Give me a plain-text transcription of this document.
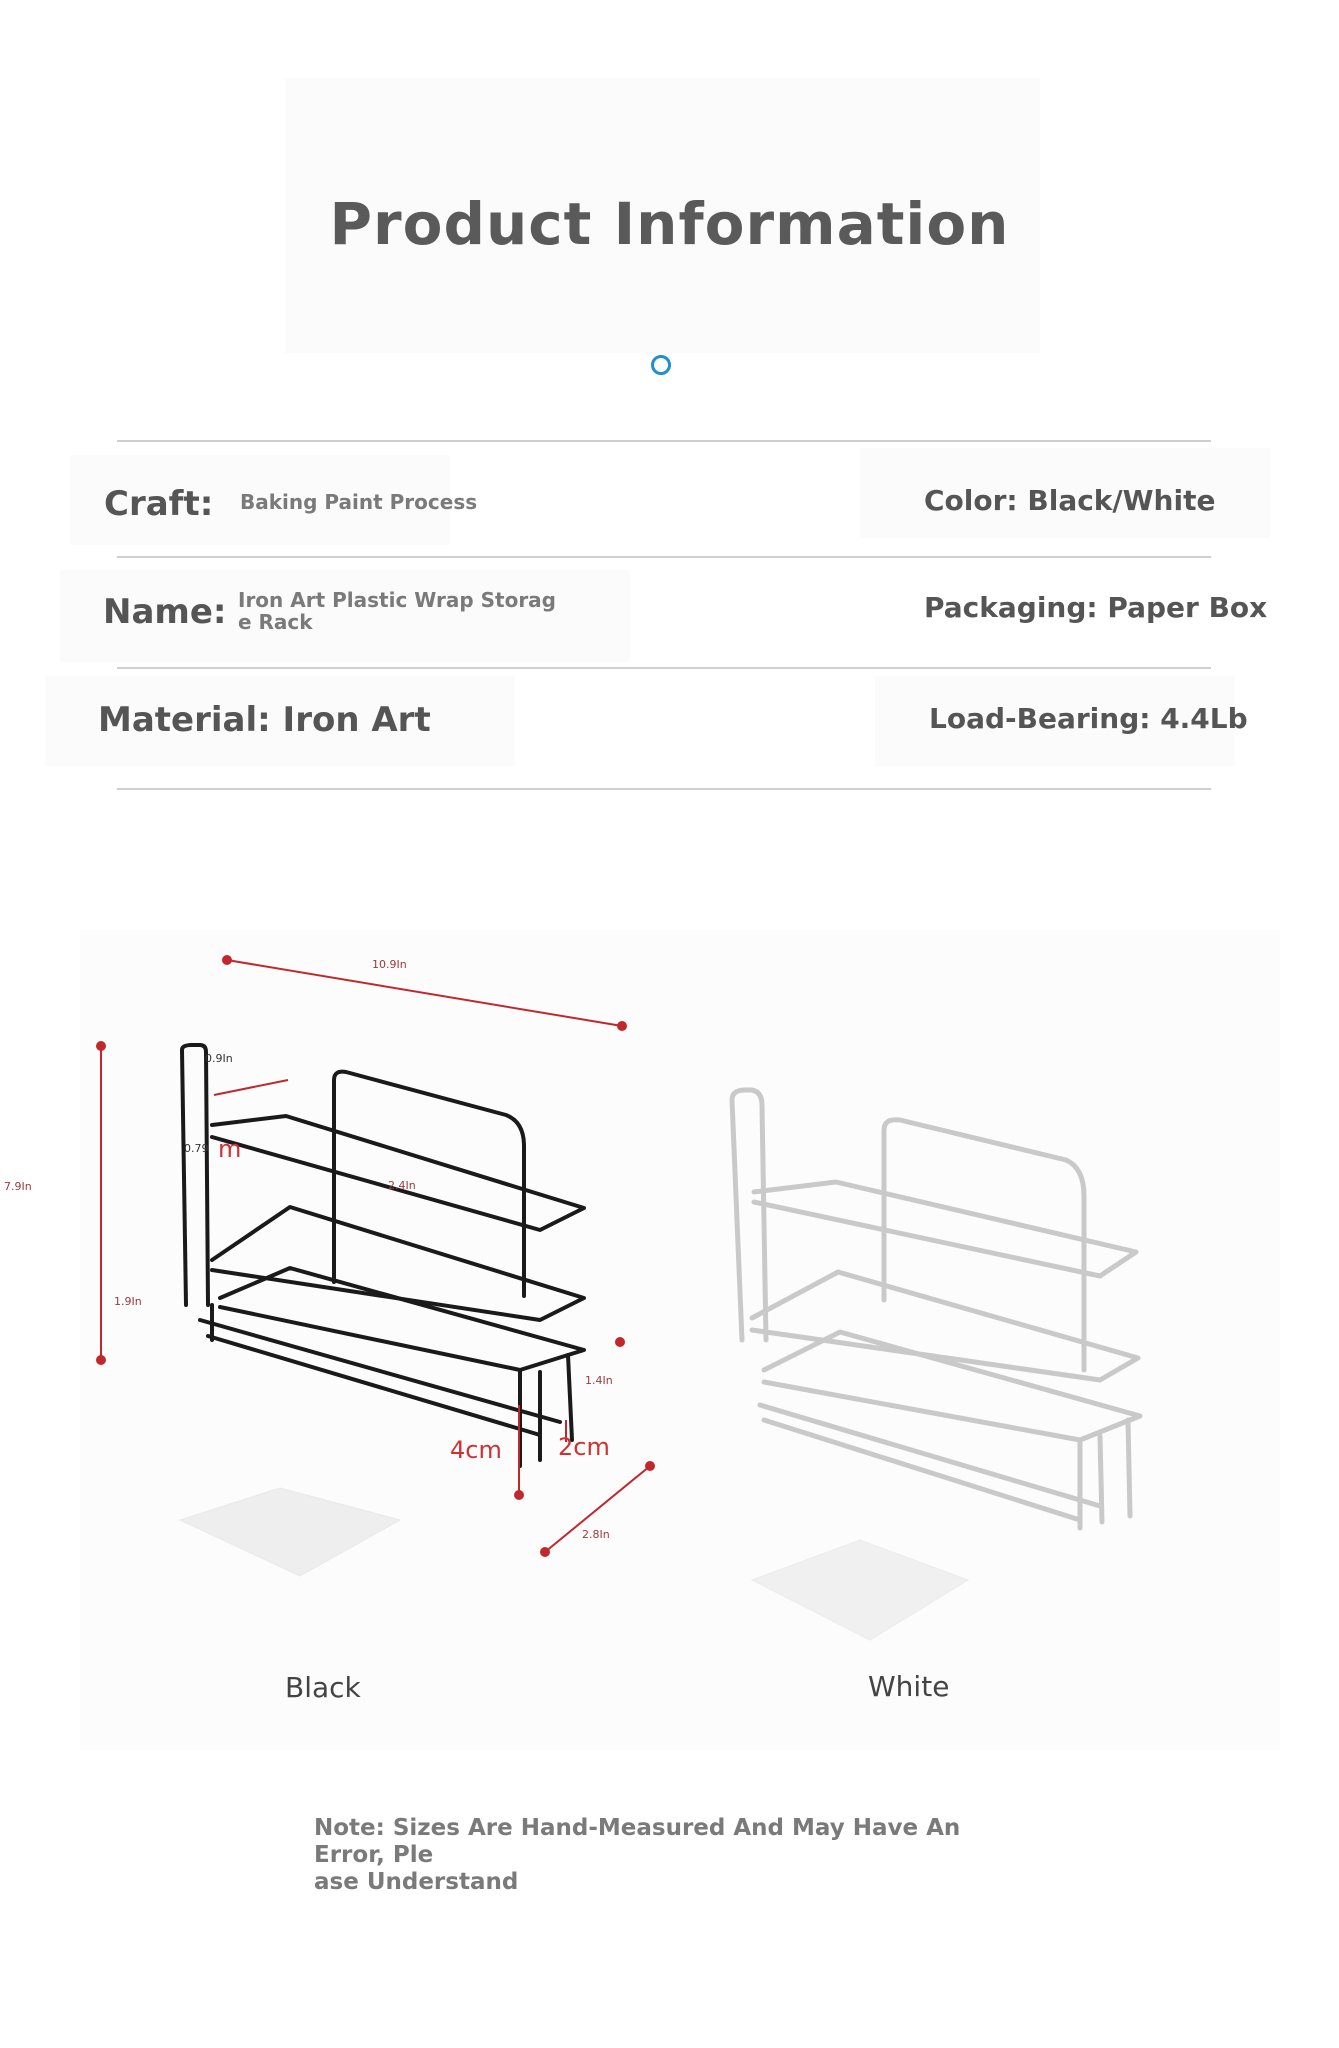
Product Information
Craft: Baking Paint Process	Color: Black/White
Name: Iron Art Plastic Wrap Storag
e Rack	Packaging: Paper Box
Material: Iron Art	Load-Bearing: 4.4Lb
10.9In
0.9In
0.79 m
7.9In	2.4In
1.9In
1.4In
4cm 2cm
2.8In
Black	White
Note: Sizes Are Hand-Measured And May Have An Error, Ple
ase Understand
